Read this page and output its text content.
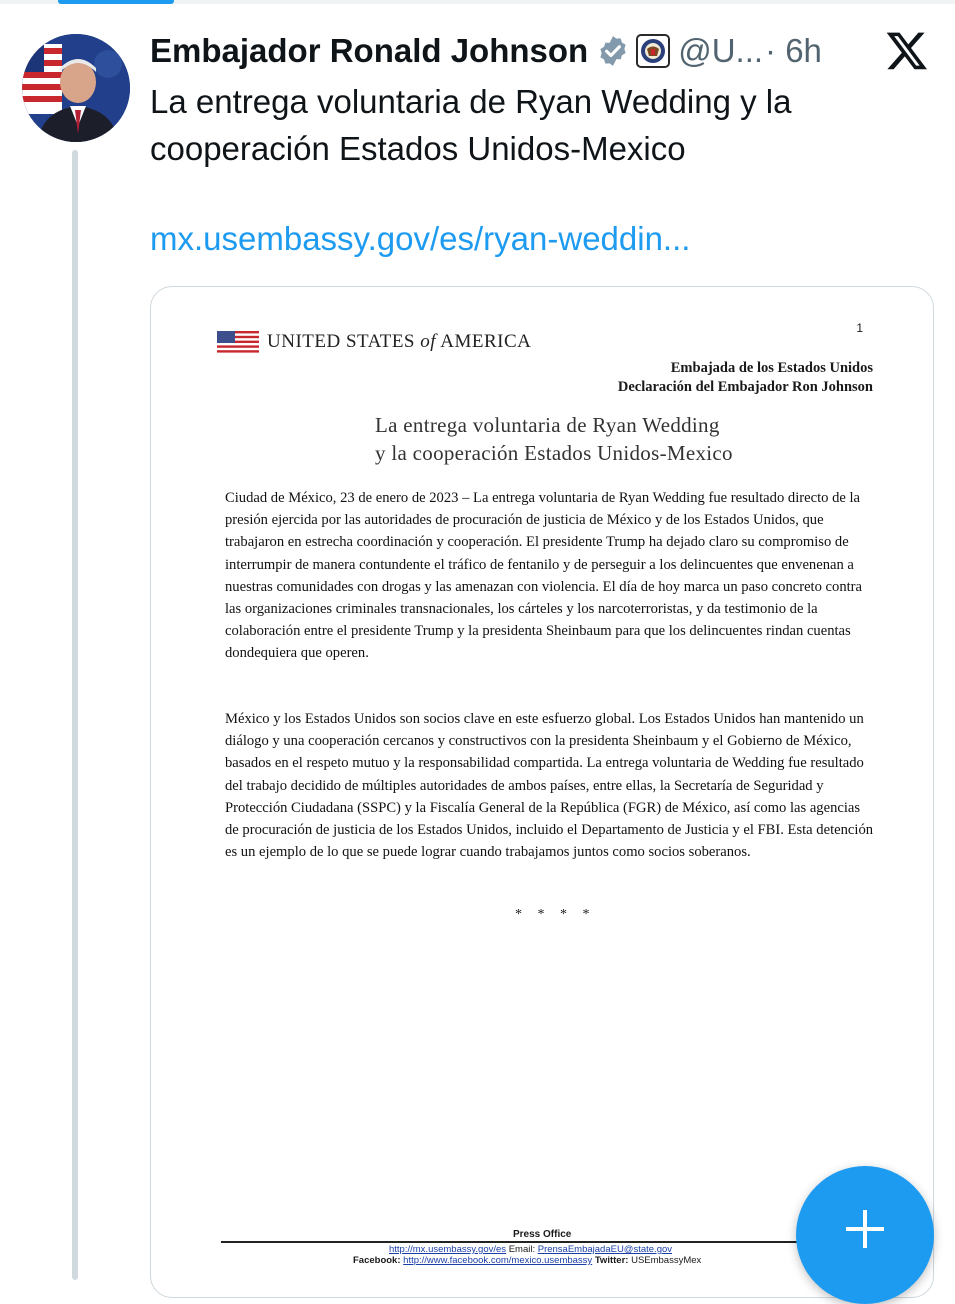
Embajador Ronald Johnson	@U... · 6h
La entrega voluntaria de Ryan Wedding y la cooperación Estados Unidos-Mexico
mx.usembassy.gov/es/ryan-weddin...
UNITED STATES of AMERICA
1
Embajada de los Estados Unidos
Declaración del Embajador Ron Johnson
La entrega voluntaria de Ryan Wedding
y la cooperación Estados Unidos-Mexico
Ciudad de México, 23 de enero de 2023 – La entrega voluntaria de Ryan Wedding fue resultado directo de la presión ejercida por las autoridades de procuración de justicia de México y de los Estados Unidos, que trabajaron en estrecha coordinación y cooperación. El presidente Trump ha dejado claro su compromiso de interrumpir de manera contundente el tráfico de fentanilo y de perseguir a los delincuentes que envenenan a nuestras comunidades con drogas y las amenazan con violencia. El día de hoy marca un paso concreto contra las organizaciones criminales transnacionales, los cárteles y los narcoterroristas, y da testimonio de la colaboración entre el presidente Trump y la presidenta Sheinbaum para que los delincuentes rindan cuentas dondequiera que operen.
México y los Estados Unidos son socios clave en este esfuerzo global. Los Estados Unidos han mantenido un diálogo y una cooperación cercanos y constructivos con la presidenta Sheinbaum y el Gobierno de México, basados en el respeto mutuo y la responsabilidad compartida. La entrega voluntaria de Wedding fue resultado del trabajo decidido de múltiples autoridades de ambos países, entre ellas, la Secretaría de Seguridad y Protección Ciudadana (SSPC) y la Fiscalía General de la República (FGR) de México, así como las agencias de procuración de justicia de los Estados Unidos, incluido el Departamento de Justicia y el FBI. Esta detención es un ejemplo de lo que se puede lograr cuando trabajamos juntos como socios soberanos.
* * * *
Press Office
http://mx.usembassy.gov/es Email: PrensaEmbajadaEU@state.gov
Facebook: http://www.facebook.com/mexico.usembassy Twitter: USEmbassyMex
